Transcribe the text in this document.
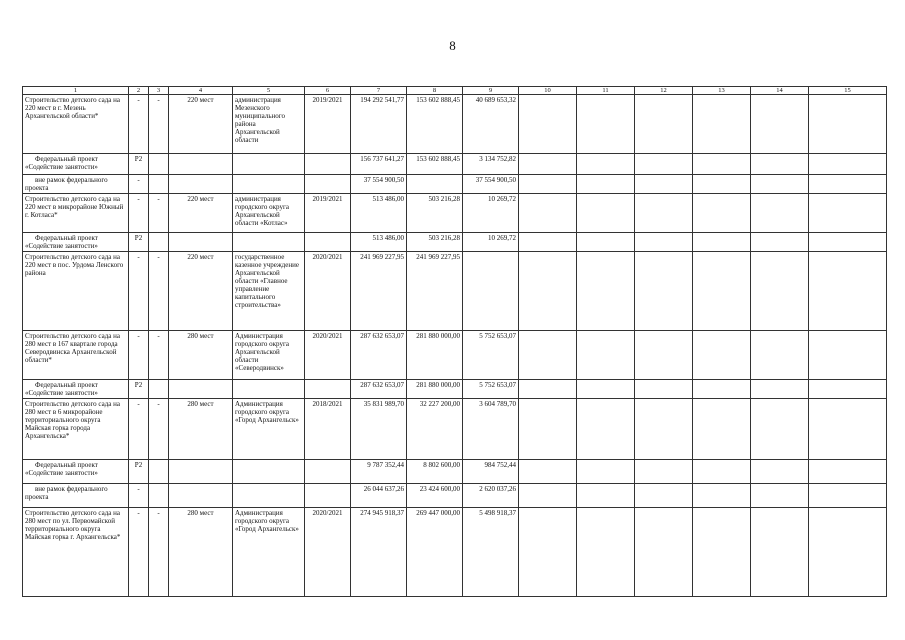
8
1	2	3	4	5	6	7	8	9	10	11	12	13	14	15
Строительство детского сада на 220 мест в г. Мезень Архангельской области*	-	-	220 мест	администрация Мезенского муниципального района Архангельской области	2019/2021	194 292 541,77	153 602 888,45	40 689 653,32						
Федеральный проект «Содействие занятости»	P2					156 737 641,27	153 602 888,45	3 134 752,82						
вне рамок федерального проекта	-					37 554 900,50		37 554 900,50						
Строительство детского сада на 220 мест в микрорайоне Южный г. Котласа*	-	-	220 мест	администрация городского округа Архангельской области «Котлас»	2019/2021	513 486,00	503 216,28	10 269,72						
Федеральный проект «Содействие занятости»	P2					513 486,00	503 216,28	10 269,72						
Строительство детского сада на 220 мест в пос. Урдома Ленского района	-	-	220 мест	государственное казенное учреждение Архангельской области «Главное управление капитального строительства»	2020/2021	241 969 227,95	241 969 227,95							
Строительство детского сада на 280 мест в 167 квартале города Северодвинска Архангельской области*	-	-	280 мест	Администрация городского округа Архангельской области «Северодвинск»	2020/2021	287 632 653,07	281 880 000,00	5 752 653,07						
Федеральный проект «Содействие занятости»	P2					287 632 653,07	281 880 000,00	5 752 653,07						
Строительство детского сада на 280 мест в 6 микрорайоне территориального округа Майская горка города Архангельска*	-	-	280 мест	Администрация городского округа «Город Архангельск»	2018/2021	35 831 989,70	32 227 200,00	3 604 789,70						
Федеральный проект «Содействие занятости»	P2					9 787 352,44	8 802 600,00	984 752,44						
вне рамок федерального проекта	-					26 044 637,26	23 424 600,00	2 620 037,26						
Строительство детского сада на 280 мест по ул. Первомайской территориального округа Майская горка г. Архангельска*	-	-	280 мест	Администрация городского округа «Город Архангельск»	2020/2021	274 945 918,37	269 447 000,00	5 498 918,37						
